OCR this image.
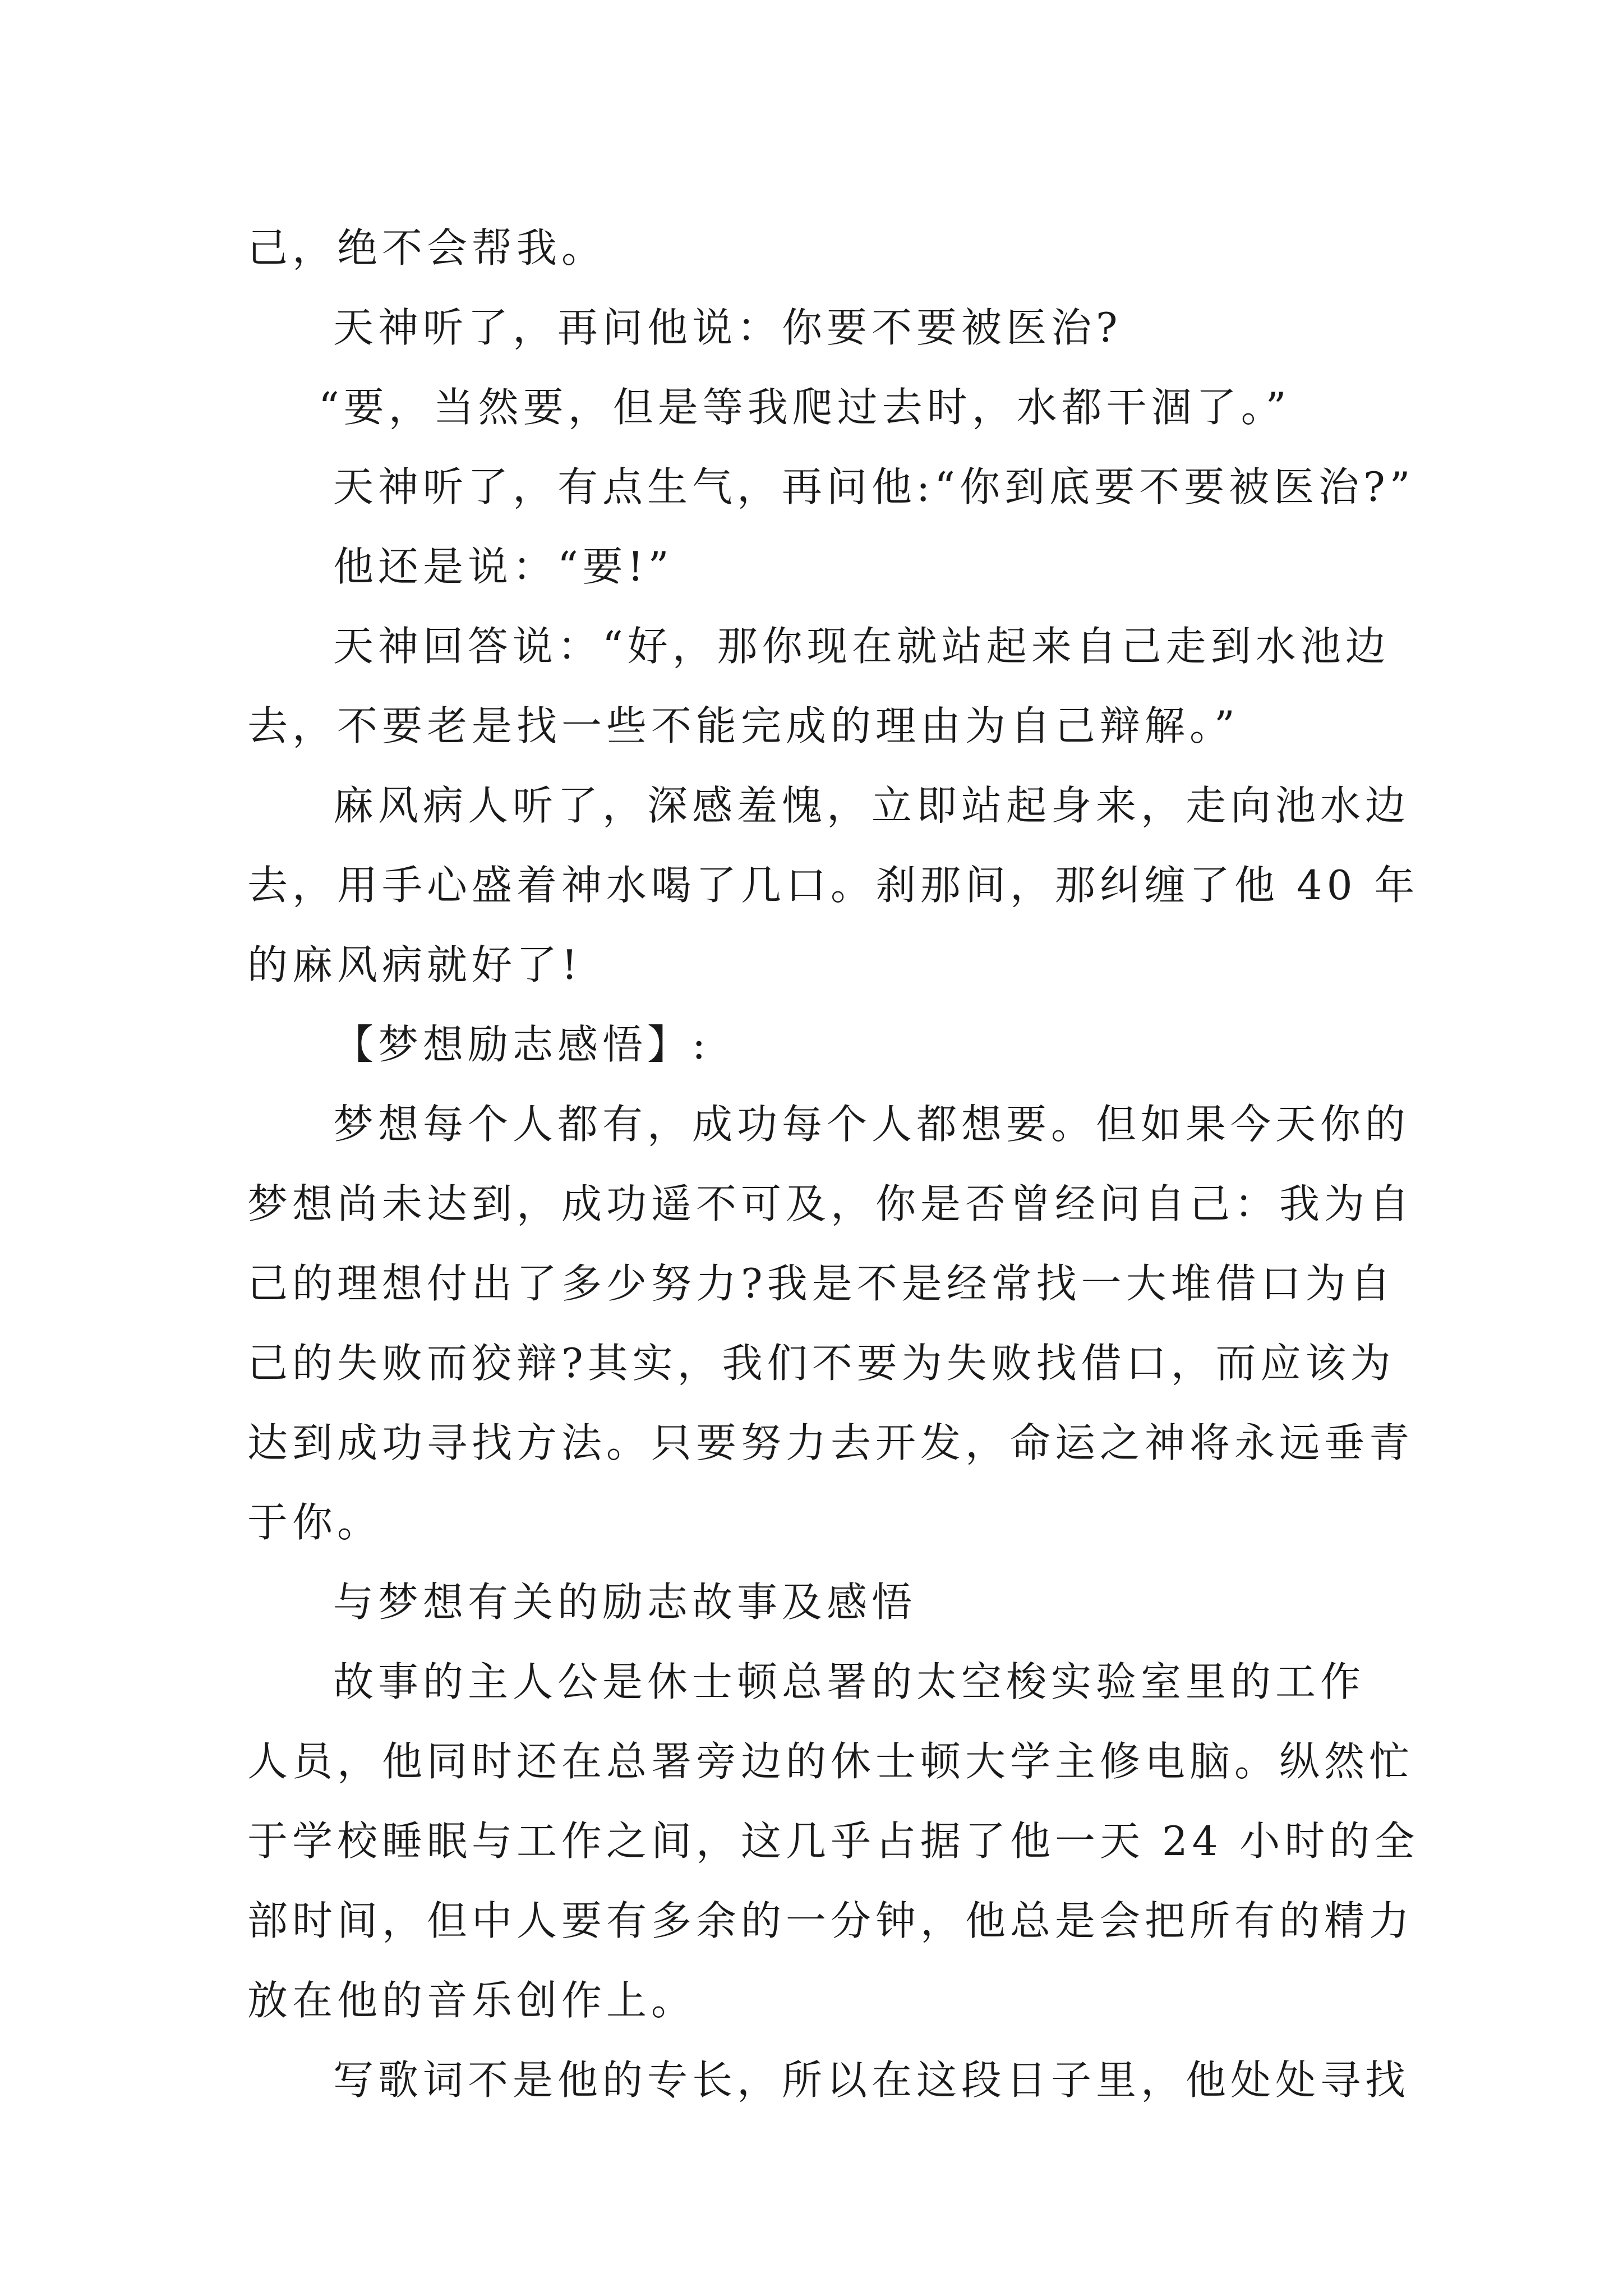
己，绝不会帮我。
天神听了，再问他说：你要不要被医治?
“要，当然要，但是等我爬过去时，水都干涸了。”
天神听了，有点生气，再问他:“你到底要不要被医治?”
他还是说：“要!”
天神回答说：“好，那你现在就站起来自己走到水池边
去，不要老是找一些不能完成的理由为自己辩解。”
麻风病人听了，深感羞愧，立即站起身来，走向池水边
去，用手心盛着神水喝了几口。刹那间，那纠缠了他 40 年
的麻风病就好了!
【梦想励志感悟】:
梦想每个人都有，成功每个人都想要。但如果今天你的
梦想尚未达到，成功遥不可及，你是否曾经问自己：我为自
己的理想付出了多少努力?我是不是经常找一大堆借口为自
己的失败而狡辩?其实，我们不要为失败找借口，而应该为
达到成功寻找方法。只要努力去开发，命运之神将永远垂青
于你。
与梦想有关的励志故事及感悟
故事的主人公是休士顿总署的太空梭实验室里的工作
人员，他同时还在总署旁边的休士顿大学主修电脑。纵然忙
于学校睡眠与工作之间，这几乎占据了他一天 24 小时的全
部时间，但中人要有多余的一分钟，他总是会把所有的精力
放在他的音乐创作上。
写歌词不是他的专长，所以在这段日子里，他处处寻找
